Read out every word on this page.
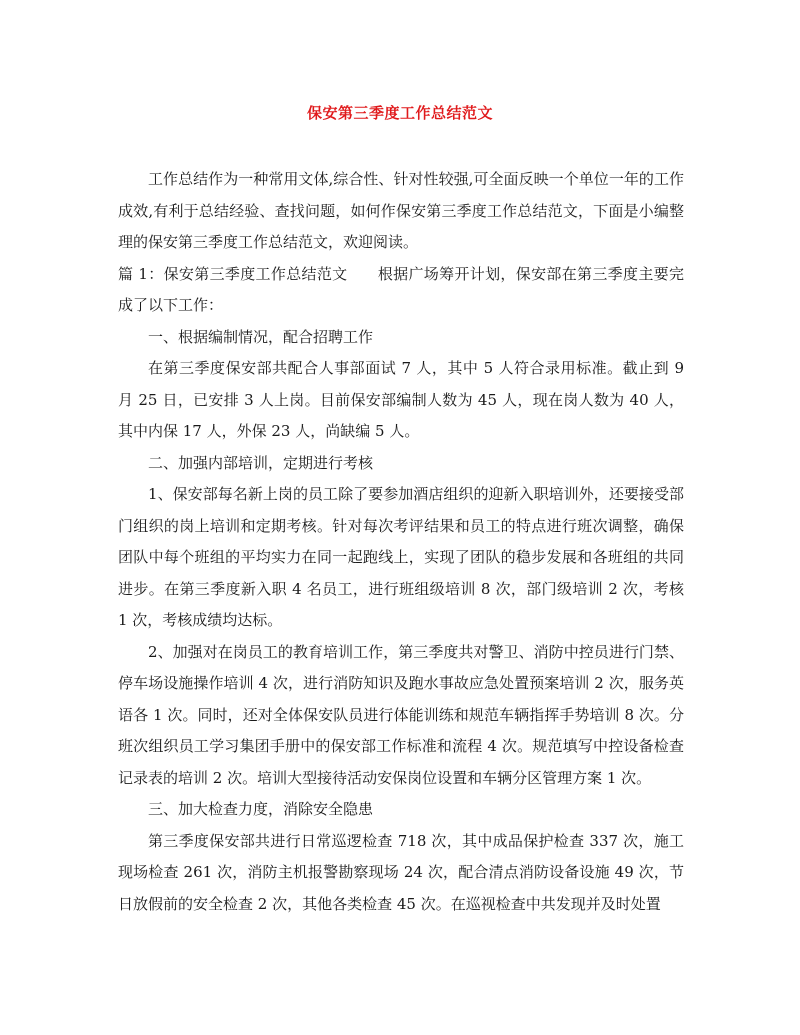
保安第三季度工作总结范文

工作总结作为一种常用文体,综合性、针对性较强,可全面反映一个单位一年的工作成效,有利于总结经验、查找问题，如何作保安第三季度工作总结范文，下面是小编整理的保安第三季度工作总结范文，欢迎阅读。

篇 1：保安第三季度工作总结范文 根据广场筹开计划，保安部在第三季度主要完成了以下工作：

一、根据编制情况，配合招聘工作

在第三季度保安部共配合人事部面试 7 人，其中 5 人符合录用标准。截止到 9 月 25 日，已安排 3 人上岗。目前保安部编制人数为 45 人，现在岗人数为 40 人，其中内保 17 人，外保 23 人，尚缺编 5 人。

二、加强内部培训，定期进行考核

1、保安部每名新上岗的员工除了要参加酒店组织的迎新入职培训外，还要接受部门组织的岗上培训和定期考核。针对每次考评结果和员工的特点进行班次调整，确保团队中每个班组的平均实力在同一起跑线上，实现了团队的稳步发展和各班组的共同进步。在第三季度新入职 4 名员工，进行班组级培训 8 次，部门级培训 2 次，考核 1 次，考核成绩均达标。

2、加强对在岗员工的教育培训工作，第三季度共对警卫、消防中控员进行门禁、停车场设施操作培训 4 次，进行消防知识及跑水事故应急处置预案培训 2 次，服务英语各 1 次。同时，还对全体保安队员进行体能训练和规范车辆指挥手势培训 8 次。分班次组织员工学习集团手册中的保安部工作标准和流程 4 次。规范填写中控设备检查记录表的培训 2 次。培训大型接待活动安保岗位设置和车辆分区管理方案 1 次。

三、加大检查力度，消除安全隐患

第三季度保安部共进行日常巡逻检查 718 次，其中成品保护检查 337 次，施工现场检查 261 次，消防主机报警勘察现场 24 次，配合清点消防设备设施 49 次，节日放假前的安全检查 2 次，其他各类检查 45 次。在巡视检查中共发现并及时处置
